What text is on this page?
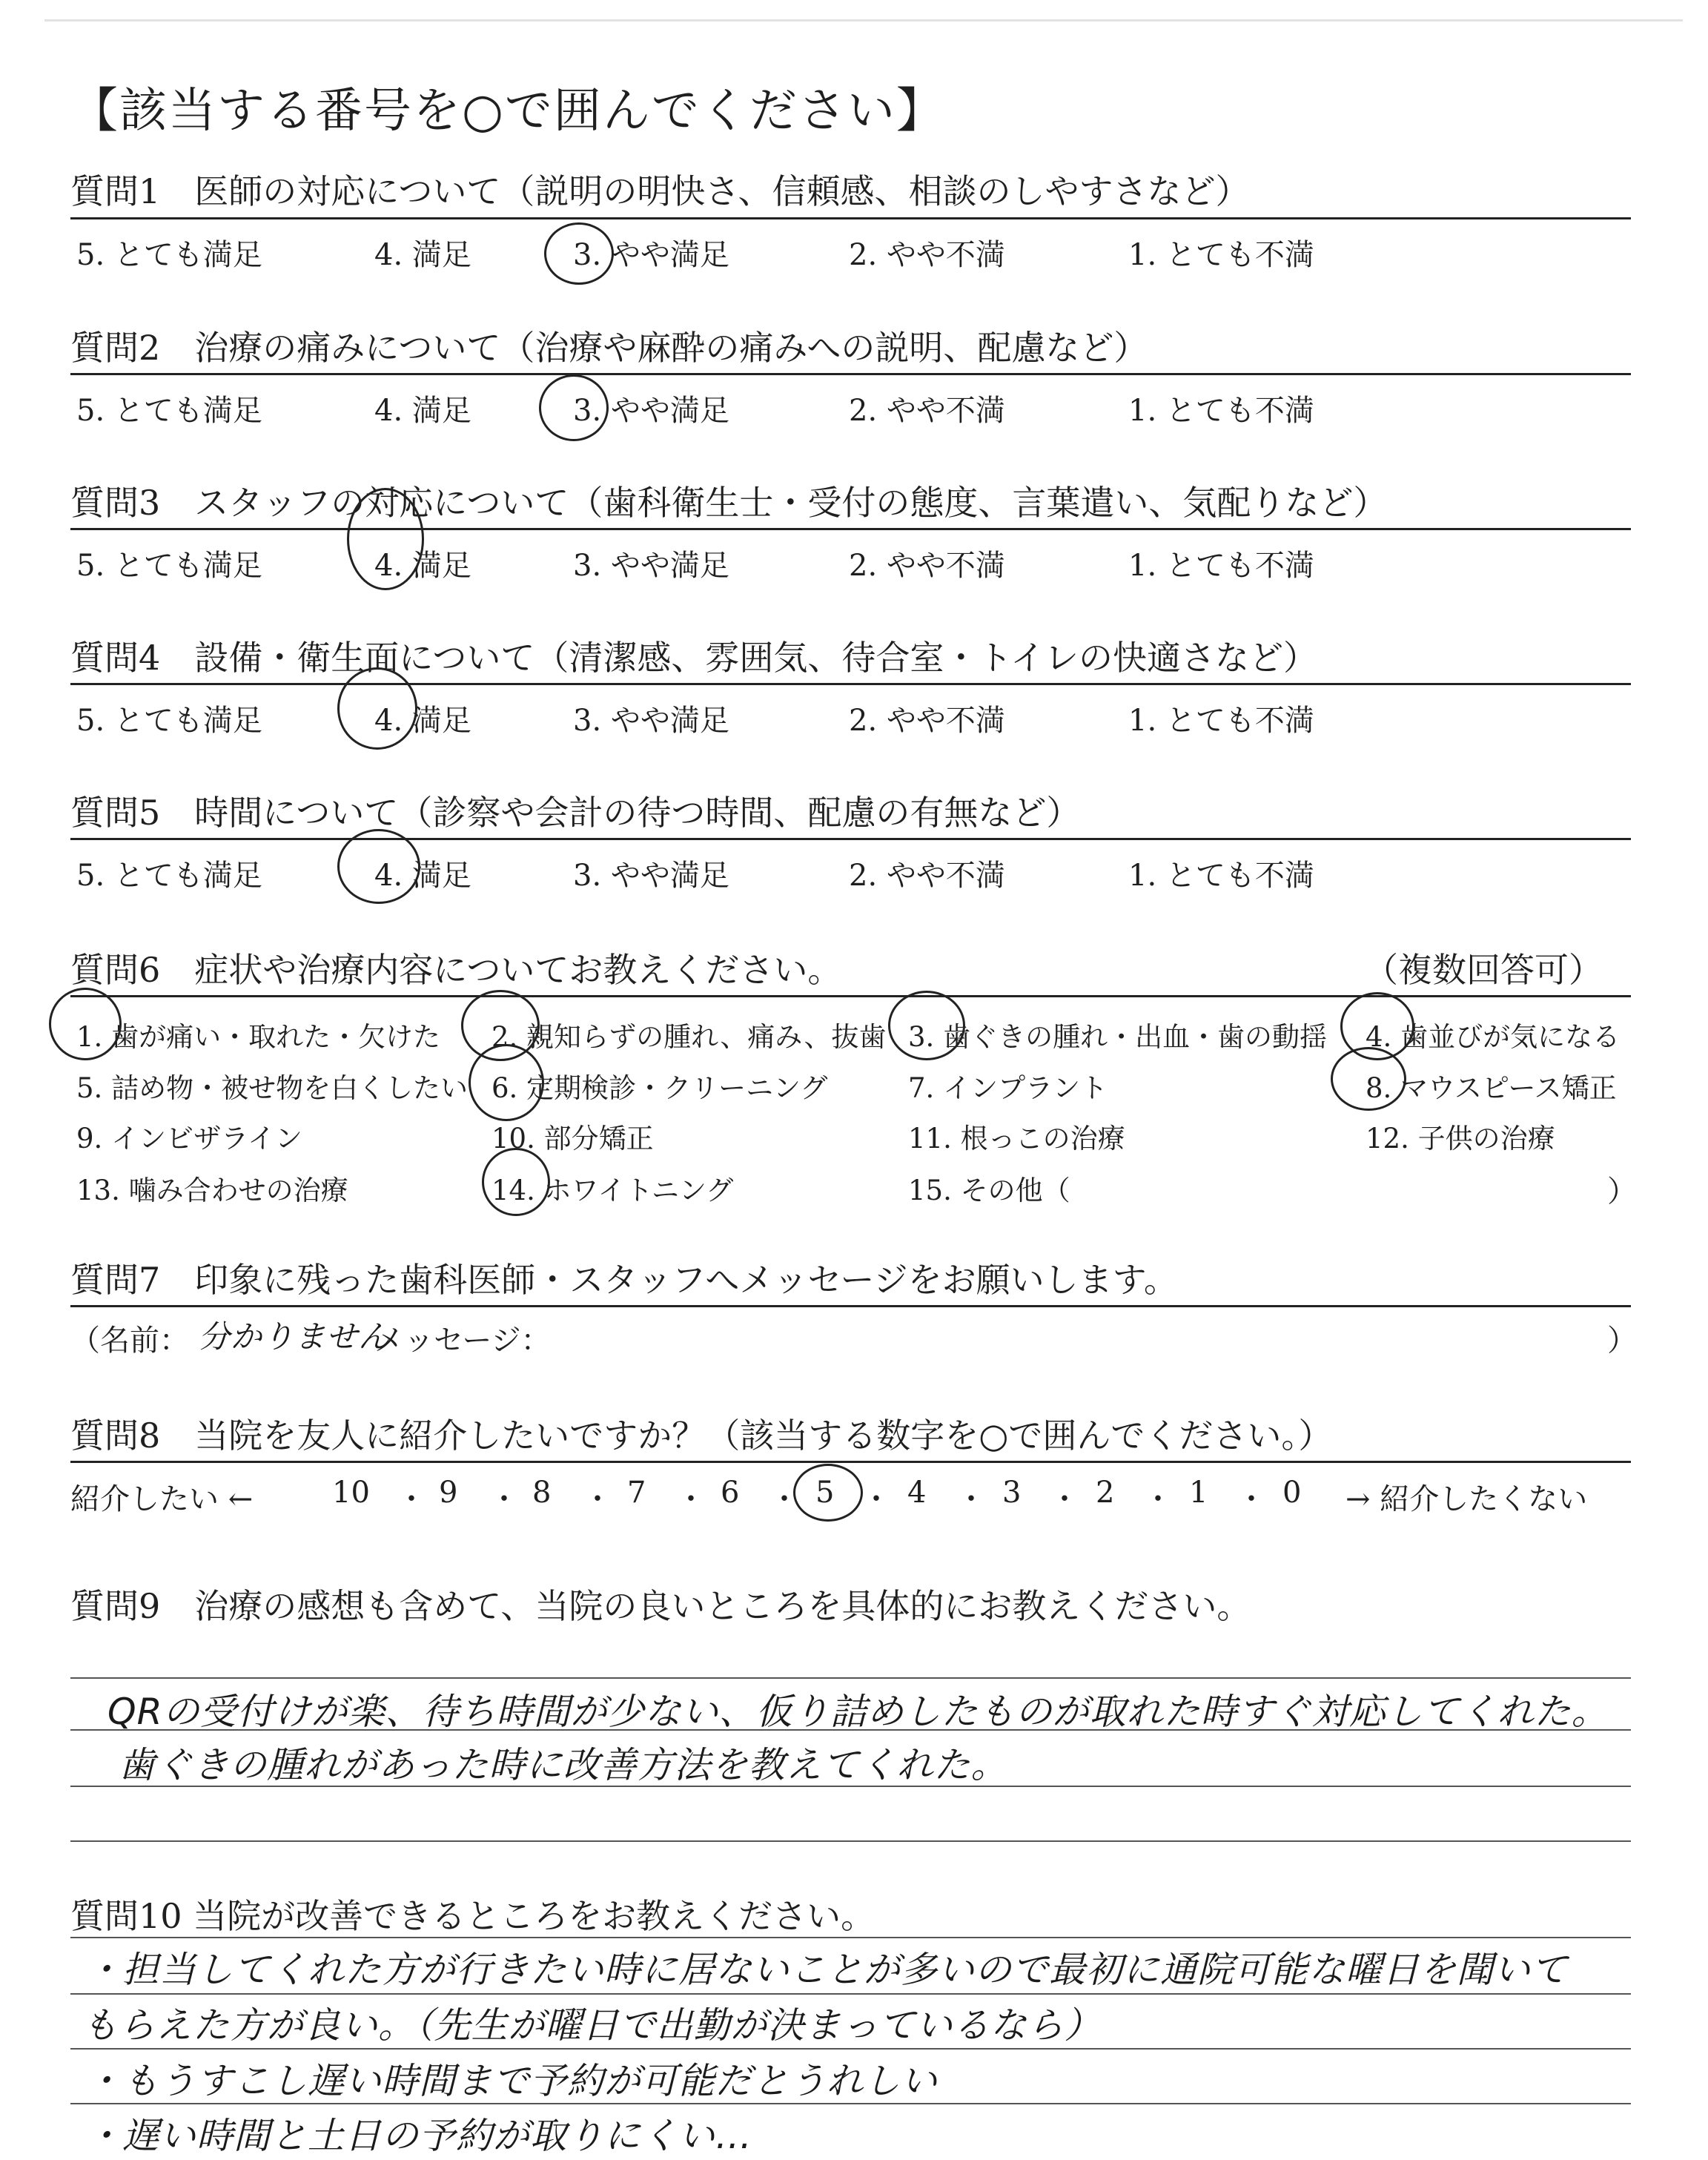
【該当する番号を○で囲んでください】
質問1　医師の対応について（説明の明快さ、信頼感、相談のしやすさなど）
5. とても満足	4. 満足	3. やや満足	2. やや不満	1. とても不満
質問2　治療の痛みについて（治療や麻酔の痛みへの説明、配慮など）
5. とても満足	4. 満足	3. やや満足	2. やや不満	1. とても不満
質問3　スタッフの対応について（歯科衛生士・受付の態度、言葉遣い、気配りなど）
5. とても満足	4. 満足	3. やや満足	2. やや不満	1. とても不満
質問4　設備・衛生面について（清潔感、雰囲気、待合室・トイレの快適さなど）
5. とても満足	4. 満足	3. やや満足	2. やや不満	1. とても不満
質問5　時間について（診察や会計の待つ時間、配慮の有無など）
5. とても満足	4. 満足	3. やや満足	2. やや不満	1. とても不満
質問6　症状や治療内容についてお教えください。	（複数回答可）
1. 歯が痛い・取れた・欠けた 2. 親知らずの腫れ、痛み、抜歯 3. 歯ぐきの腫れ・出血・歯の動揺 4. 歯並びが気になる
5. 詰め物・被せ物を白くしたい 6. 定期検診・クリーニング	7. インプラント	8. マウスピース矯正
9. インビザライン	10. 部分矯正	11. 根っこの治療	12. 子供の治療
13. 噛み合わせの治療	14. ホワイトニング	15. その他（	）
質問7　印象に残った歯科医師・スタッフへメッセージをお願いします。
（名前： 分かりません
メッセージ：	）
質問8　当院を友人に紹介したいですか？（該当する数字を○で囲んでください。）
紹介したい ←	10 ・ 9 ・ 8 ・ 7 ・ 6 ・ 5 ・ 4 ・ 3 ・ 2 ・ 1 ・ 0 → 紹介したくない
質問9　治療の感想も含めて、当院の良いところを具体的にお教えください。
QRの受付けが楽、待ち時間が少ない、仮り詰めしたものが取れた時すぐ対応してくれた。
歯ぐきの腫れがあった時に改善方法を教えてくれた。
質問10 当院が改善できるところをお教えください。
・担当してくれた方が行きたい時に居ないことが多いので最初に通院可能な曜日を聞いて
もらえた方が良い。（先生が曜日で出勤が決まっているなら）
・もうすこし遅い時間まで予約が可能だとうれしい
・遅い時間と土日の予約が取りにくい…
